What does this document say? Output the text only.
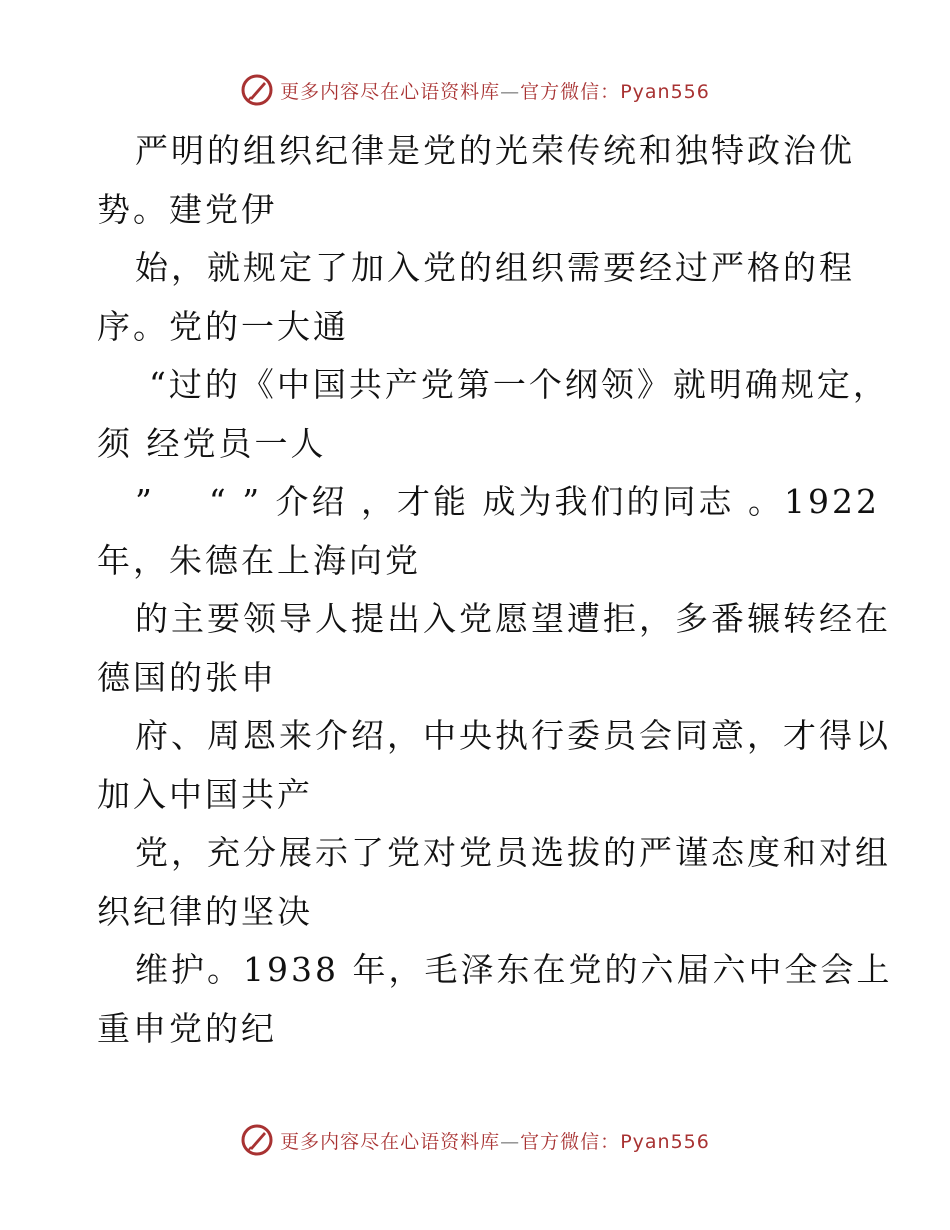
更多内容尽在心语资料库—官方微信：Pyan556
严明的组织纪律是党的光荣传统和独特政治优
势。建党伊
始，就规定了加入党的组织需要经过严格的程
序。党的一大通
“过的《中国共产党第一个纲领》就明确规定，
须 经党员一人
”    “ ” 介绍 ，才能 成为我们的同志 。1922
年，朱德在上海向党
的主要领导人提出入党愿望遭拒，多番辗转经在
德国的张申
府、周恩来介绍，中央执行委员会同意，才得以
加入中国共产
党，充分展示了党对党员选拔的严谨态度和对组
织纪律的坚决
维护。1938 年，毛泽东在党的六届六中全会上
重申党的纪
更多内容尽在心语资料库—官方微信：Pyan556
